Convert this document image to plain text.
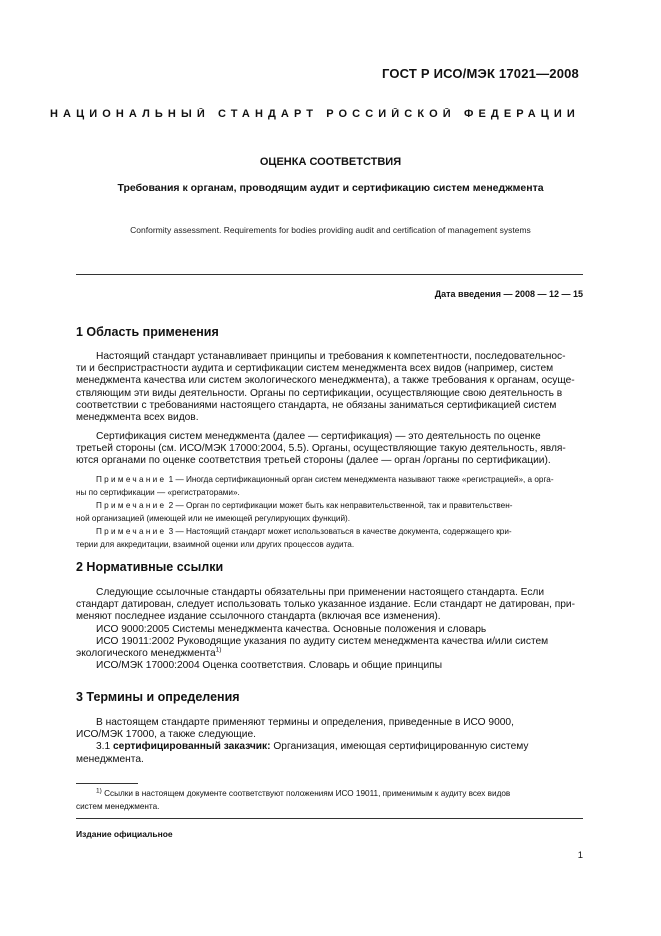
ГОСТ Р ИСО/МЭК 17021—2008
НАЦИОНАЛЬНЫЙ СТАНДАРТ РОССИЙСКОЙ ФЕДЕРАЦИИ
ОЦЕНКА СООТВЕТСТВИЯ
Требования к органам, проводящим аудит и сертификацию систем менеджмента
Conformity assessment. Requirements for bodies providing audit and certification of management systems
Дата введения — 2008 — 12 — 15
1 Область применения

Настоящий стандарт устанавливает принципы и требования к компетентности, последовательнос-

ти и беспристрастности аудита и сертификации систем менеджмента всех видов (например, систем

менеджмента качества или систем экологического менеджмента), а также требования к органам, осуще-

ствляющим эти виды деятельности. Органы по сертификации, осуществляющие свою деятельность в

соответствии с требованиями настоящего стандарта, не обязаны заниматься сертификацией систем

менеджмента всех видов.

Сертификация систем менеджмента (далее — сертификация) — это деятельность по оценке

третьей стороны (см. ИСО/МЭК 17000:2004, 5.5). Органы, осуществляющие такую деятельность, явля-

ются органами по оценке соответствия третьей стороны (далее — орган /органы по сертификации).

Примечание 1 — Иногда сертификационный орган систем менеджмента называют также «регистрацией», а орга-

ны по сертификации — «регистраторами».

Примечание 2 — Орган по сертификации может быть как неправительственной, так и правительствен-

ной организацией (имеющей или не имеющей регулирующих функций).

Примечание 3 — Настоящий стандарт может использоваться в качестве документа, содержащего кри-

терии для аккредитации, взаимной оценки или других процессов аудита.

2 Нормативные ссылки

Следующие ссылочные стандарты обязательны при применении настоящего стандарта. Если

стандарт датирован, следует использовать только указанное издание. Если стандарт не датирован, при-

меняют последнее издание ссылочного стандарта (включая все изменения).

ИСО 9000:2005 Системы менеджмента качества. Основные положения и словарь

ИСО 19011:2002 Руководящие указания по аудиту систем менеджмента качества и/или систем

экологического менеджмента$^{1)}$

ИСО/МЭК 17000:2004 Оценка соответствия. Словарь и общие принципы

3 Термины и определения

В настоящем стандарте применяют термины и определения, приведенные в ИСО 9000,

ИСО/МЭК 17000, а также следующие.

3.1 сертифицированный заказчик: Организация, имеющая сертифицированную систему

менеджмента.

$^{1)}$ Ссылки в настоящем документе соответствуют положениям ИСО 19011, применимым к аудиту всех видов

систем менеджмента.

Издание официальное
1
